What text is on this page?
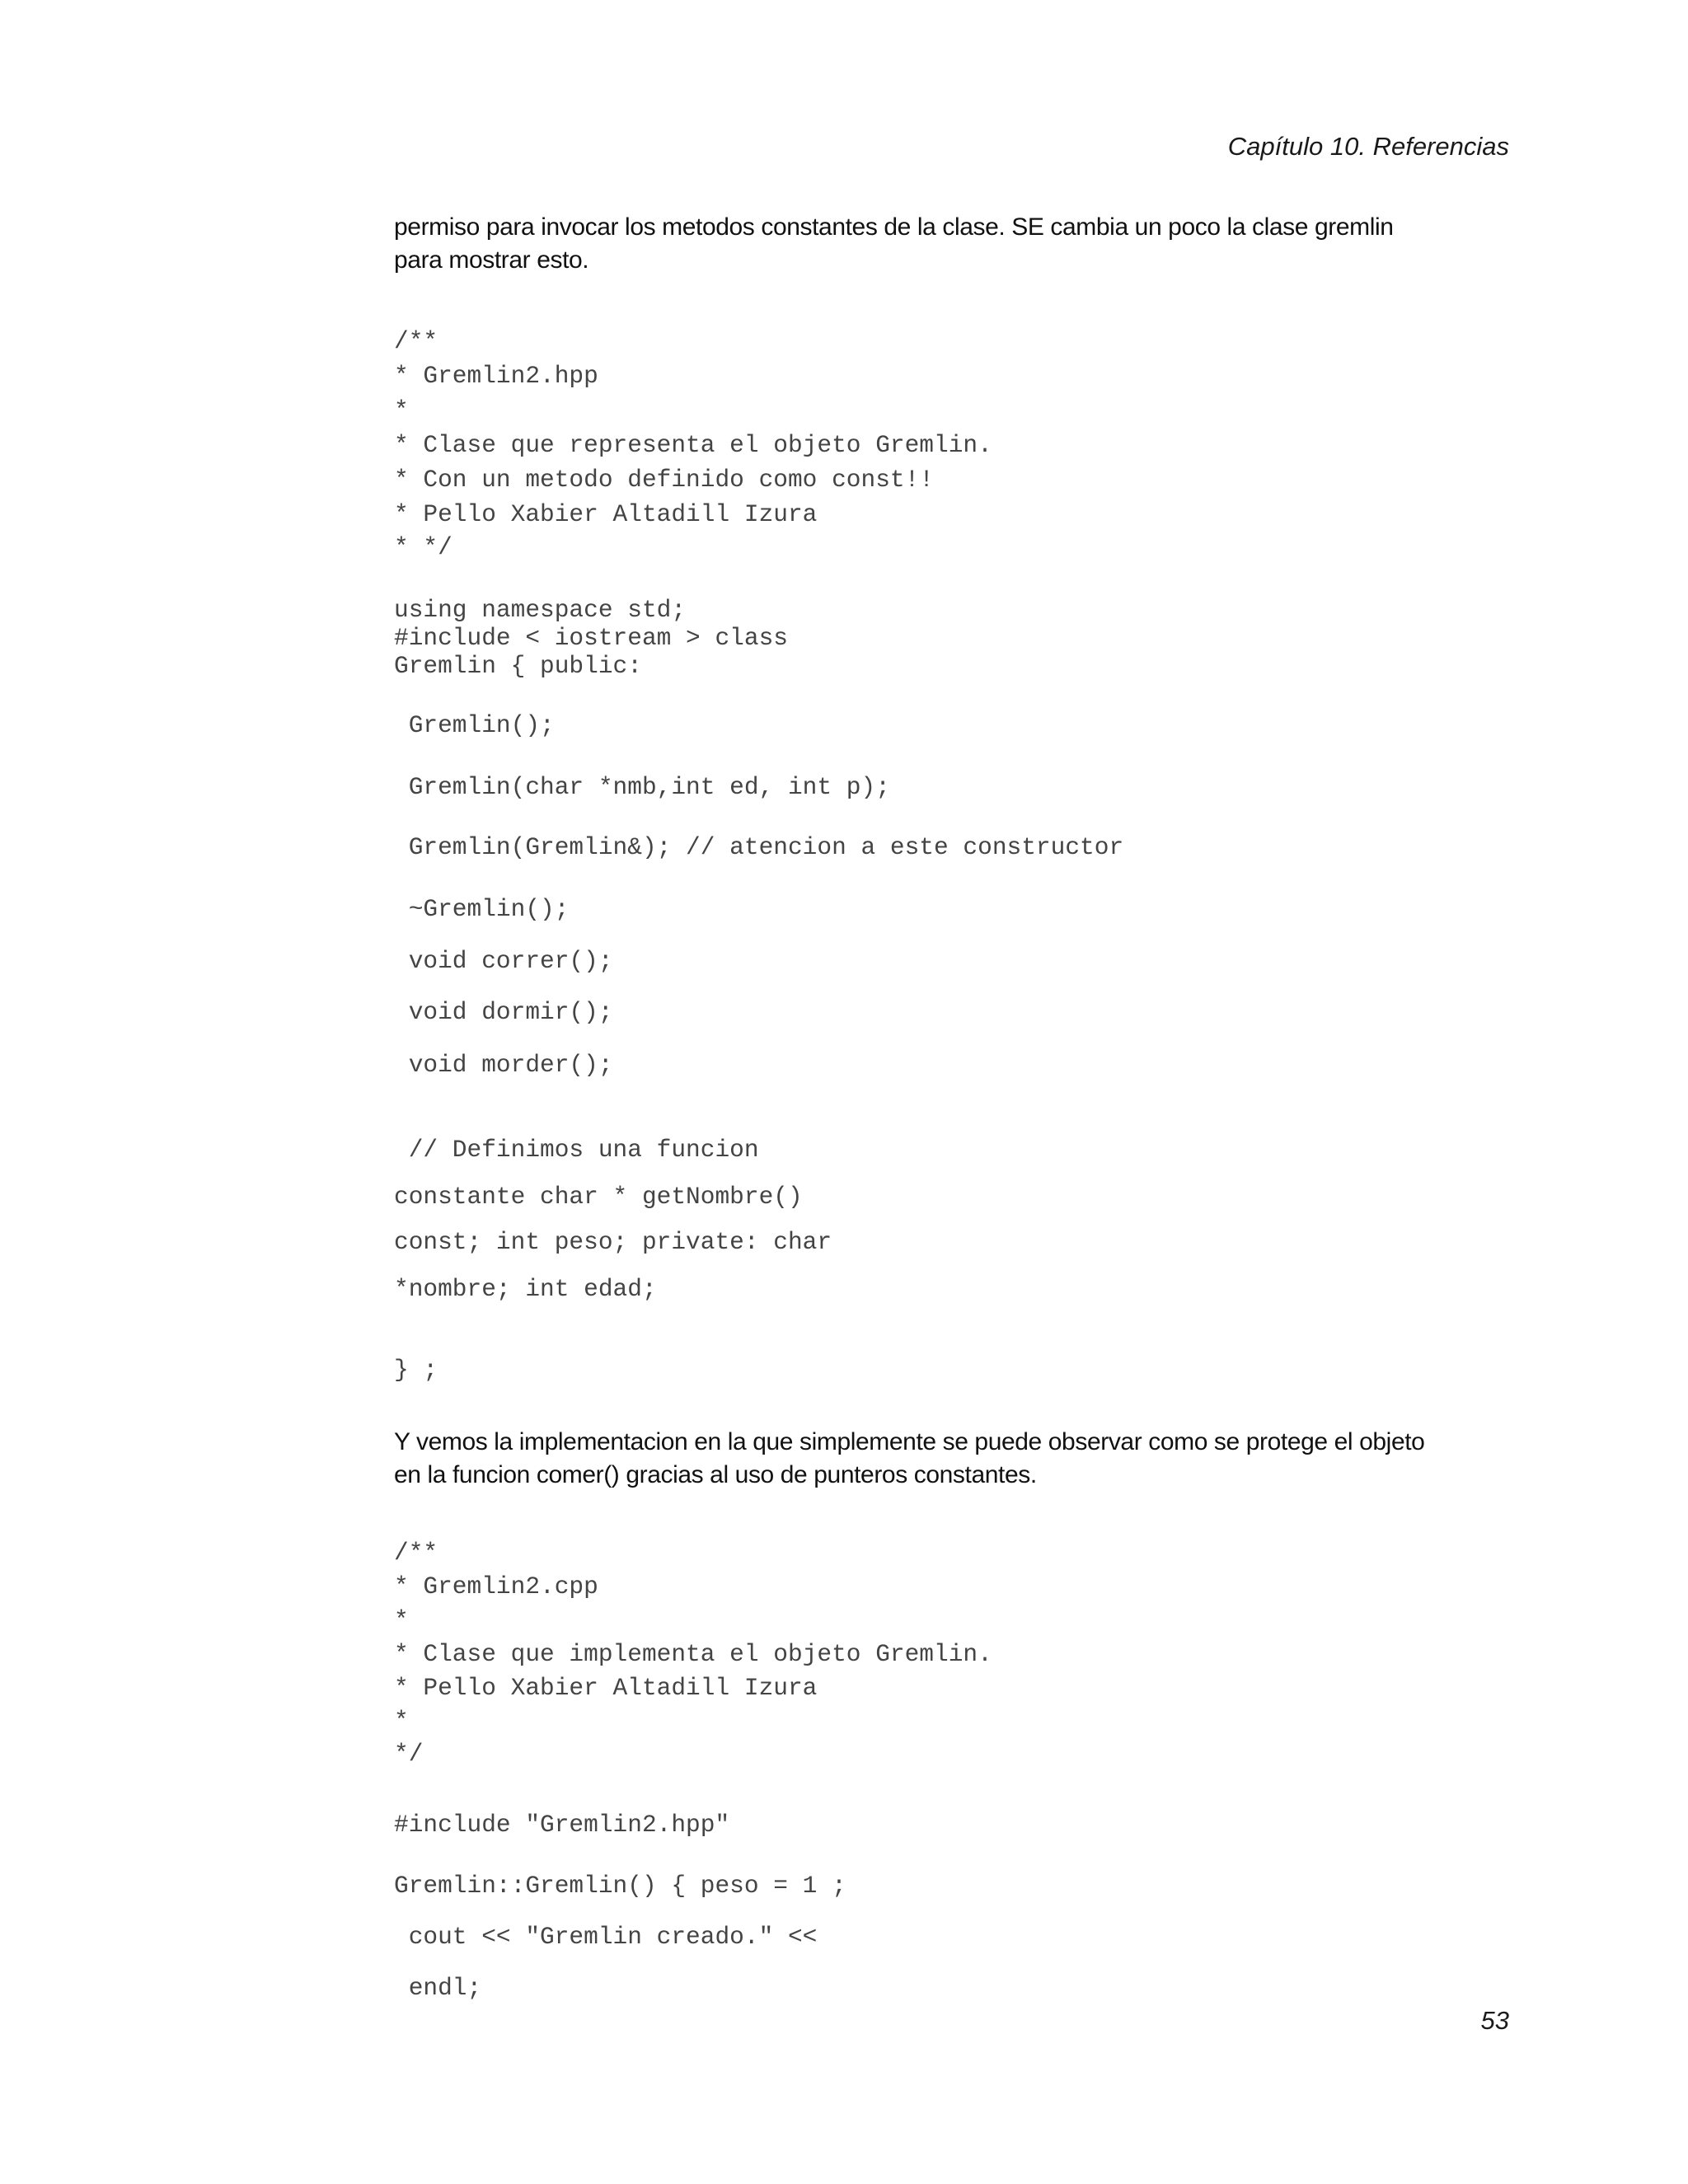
Capítulo 10. Referencias
permiso para invocar los metodos constantes de la clase. SE cambia un poco la clase gremlin
para mostrar esto.

/**

* Gremlin2.hpp

*

* Clase que representa el objeto Gremlin.

* Con un metodo definido como const!!

* Pello Xabier Altadill Izura

* */

using namespace std;

#include < iostream > class

Gremlin { public:

Gremlin();

Gremlin(char *nmb,int ed, int p);

Gremlin(Gremlin&); // atencion a este constructor

~Gremlin();

void correr();

void dormir();

void morder();

// Definimos una funcion

constante char * getNombre()

const; int peso; private: char

*nombre; int edad;

} ;

Y vemos la implementacion en la que simplemente se puede observar como se protege el objeto
en la funcion comer() gracias al uso de punteros constantes.

/**

* Gremlin2.cpp

*

* Clase que implementa el objeto Gremlin.

* Pello Xabier Altadill Izura

*

*/

#include "Gremlin2.hpp"

Gremlin::Gremlin() { peso = 1 ;

cout << "Gremlin creado." <<

endl;

53
